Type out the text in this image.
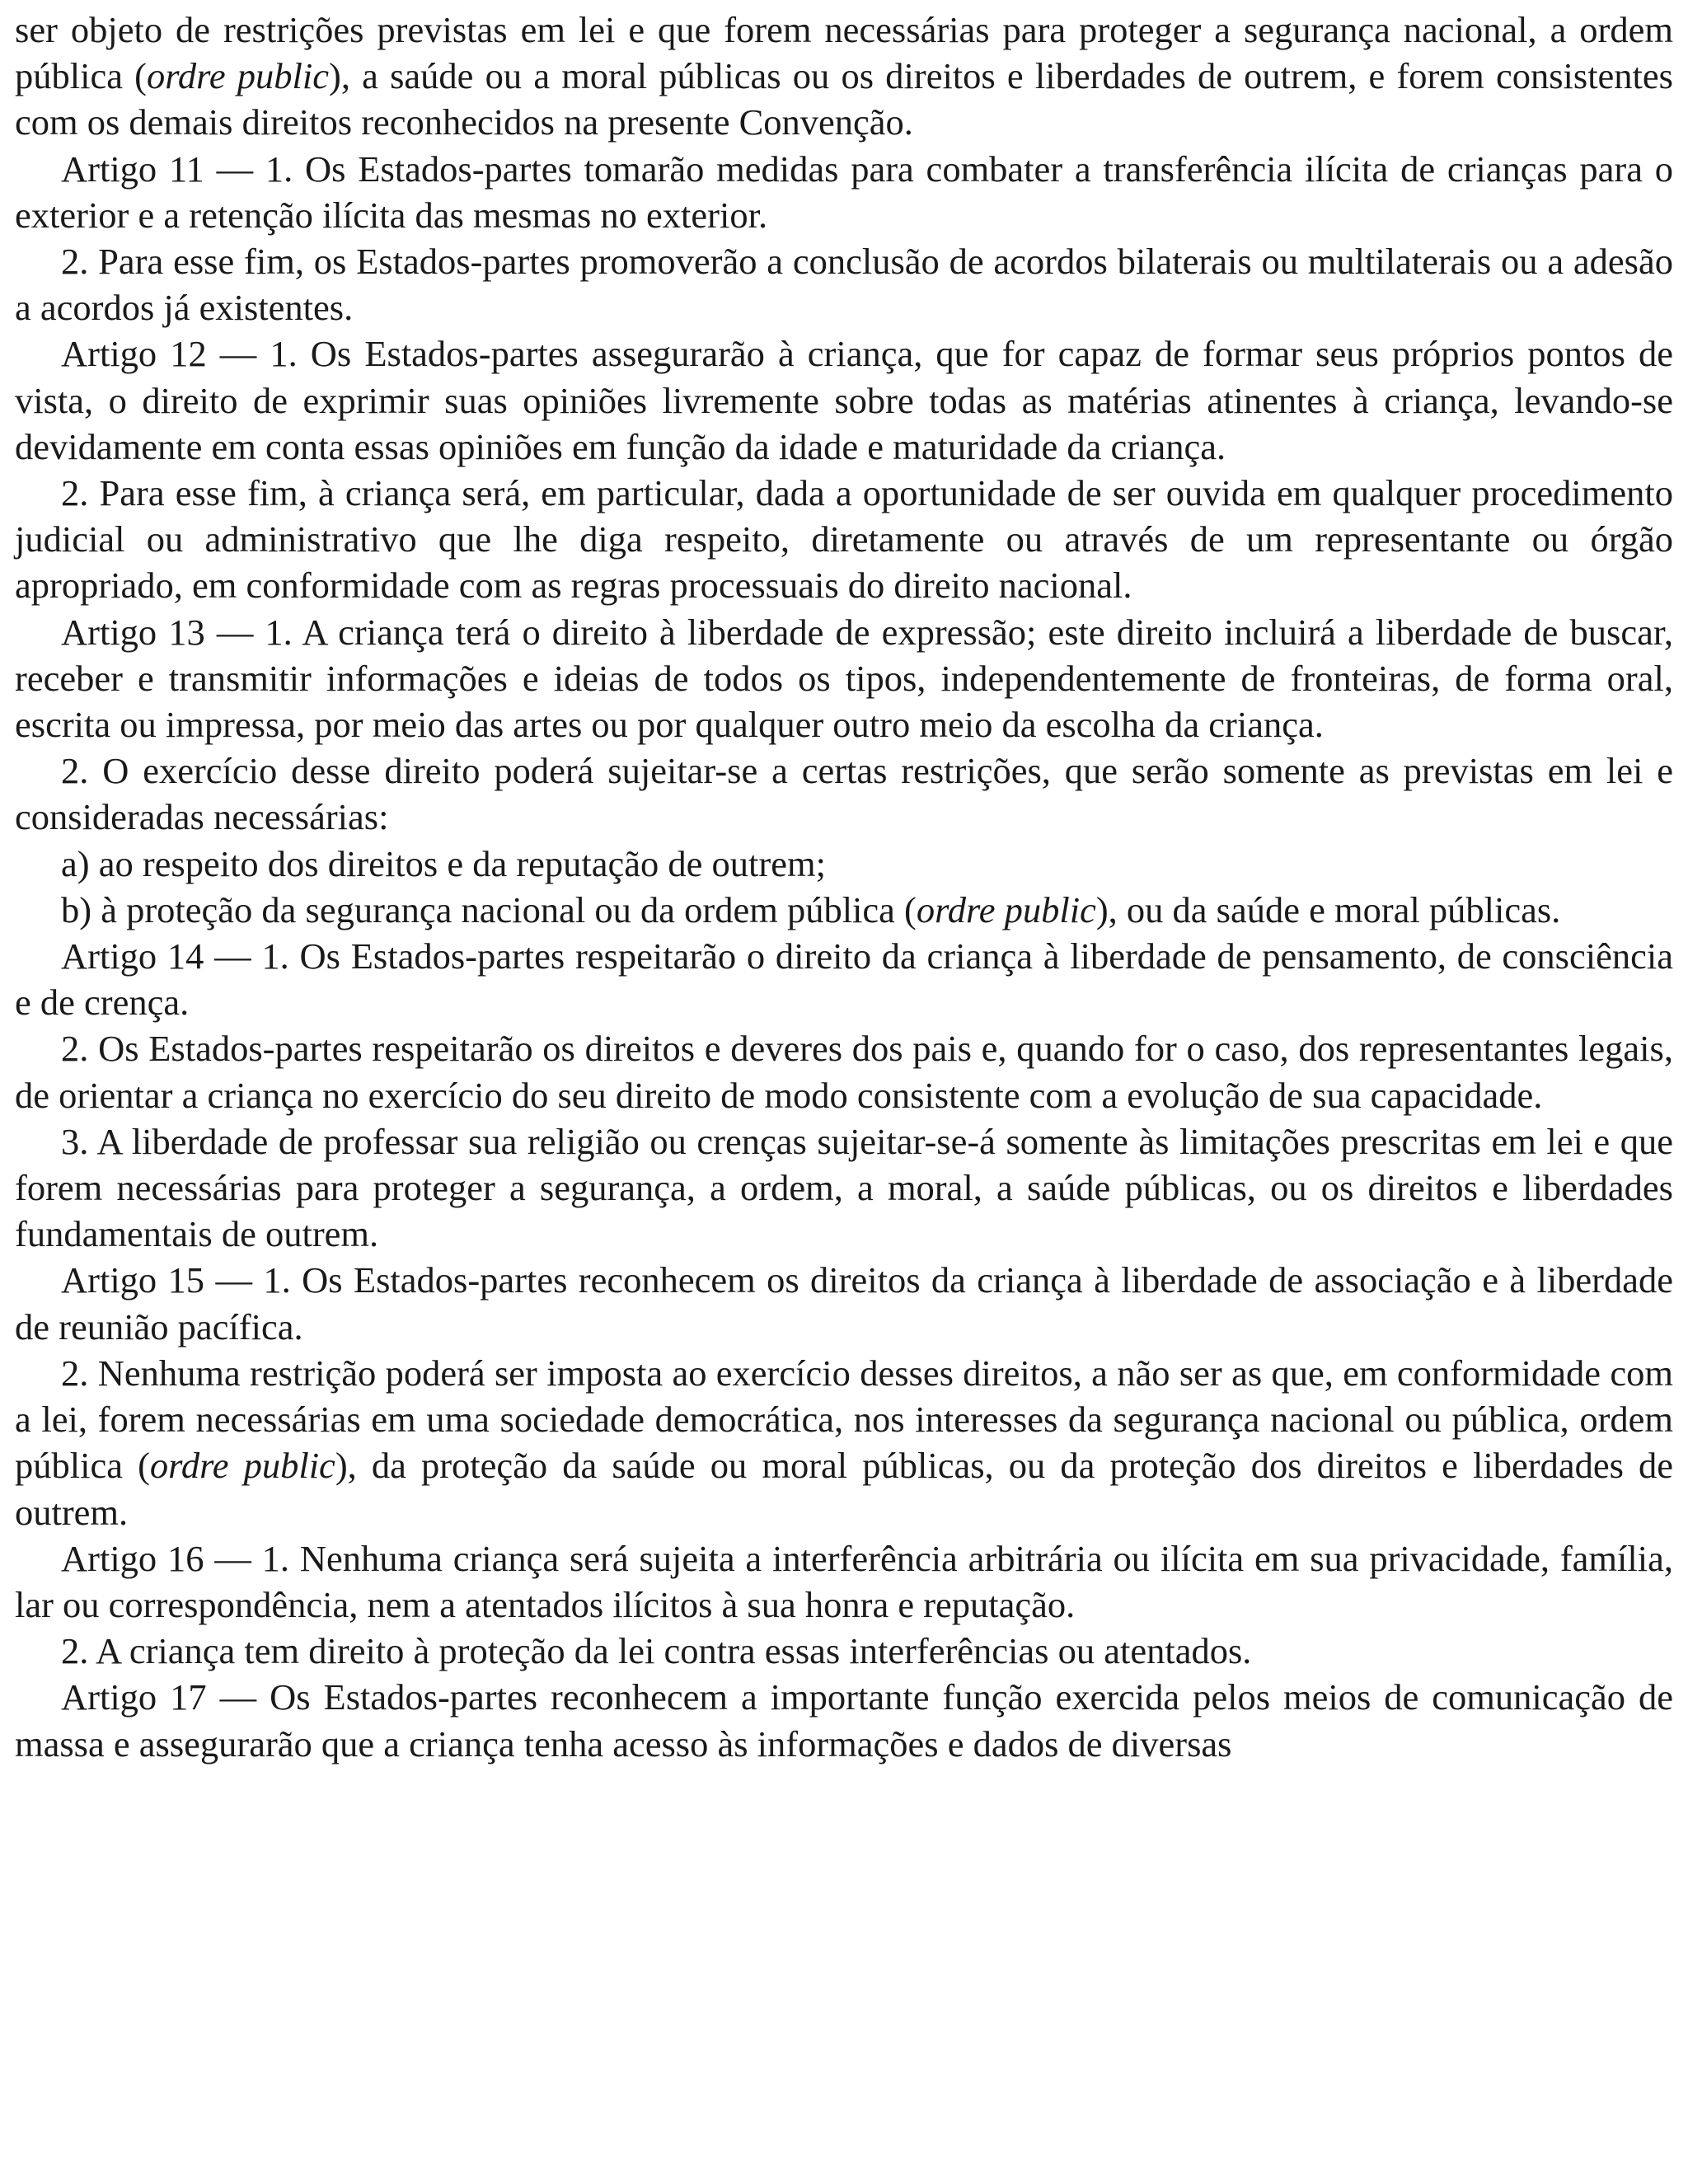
ser objeto de restrições previstas em lei e que forem necessárias para proteger a segurança nacional, a ordem pública (ordre public), a saúde ou a moral públicas ou os direitos e liberdades de outrem, e forem consistentes com os demais direitos reconhecidos na presente Convenção.

Artigo 11 — 1. Os Estados-partes tomarão medidas para combater a transferência ilícita de crianças para o exterior e a retenção ilícita das mesmas no exterior.

2. Para esse fim, os Estados-partes promoverão a conclusão de acordos bilaterais ou multilaterais ou a adesão a acordos já existentes.

Artigo 12 — 1. Os Estados-partes assegurarão à criança, que for capaz de formar seus próprios pontos de vista, o direito de exprimir suas opiniões livremente sobre todas as matérias atinentes à criança, levando-se devidamente em conta essas opiniões em função da idade e maturidade da criança.

2. Para esse fim, à criança será, em particular, dada a oportunidade de ser ouvida em qualquer procedimento judicial ou administrativo que lhe diga respeito, diretamente ou através de um representante ou órgão apropriado, em conformidade com as regras processuais do direito nacional.

Artigo 13 — 1. A criança terá o direito à liberdade de expressão; este direito incluirá a liberdade de buscar, receber e transmitir informações e ideias de todos os tipos, independentemente de fronteiras, de forma oral, escrita ou impressa, por meio das artes ou por qualquer outro meio da escolha da criança.

2. O exercício desse direito poderá sujeitar-se a certas restrições, que serão somente as previstas em lei e consideradas necessárias:

a) ao respeito dos direitos e da reputação de outrem;

b) à proteção da segurança nacional ou da ordem pública (ordre public), ou da saúde e moral públicas.

Artigo 14 — 1. Os Estados-partes respeitarão o direito da criança à liberdade de pensamento, de consciência e de crença.

2. Os Estados-partes respeitarão os direitos e deveres dos pais e, quando for o caso, dos representantes legais, de orientar a criança no exercício do seu direito de modo consistente com a evolução de sua capacidade.

3. A liberdade de professar sua religião ou crenças sujeitar-se-á somente às limitações prescritas em lei e que forem necessárias para proteger a segurança, a ordem, a moral, a saúde públicas, ou os direitos e liberdades fundamentais de outrem.

Artigo 15 — 1. Os Estados-partes reconhecem os direitos da criança à liberdade de associação e à liberdade de reunião pacífica.

2. Nenhuma restrição poderá ser imposta ao exercício desses direitos, a não ser as que, em conformidade com a lei, forem necessárias em uma sociedade democrática, nos interesses da segurança nacional ou pública, ordem pública (ordre public), da proteção da saúde ou moral públicas, ou da proteção dos direitos e liberdades de outrem.

Artigo 16 — 1. Nenhuma criança será sujeita a interferência arbitrária ou ilícita em sua privacidade, família, lar ou correspondência, nem a atentados ilícitos à sua honra e reputação.

2. A criança tem direito à proteção da lei contra essas interferências ou atentados.

Artigo 17 — Os Estados-partes reconhecem a importante função exercida pelos meios de comunicação de massa e assegurarão que a criança tenha acesso às informações e dados de diversas
